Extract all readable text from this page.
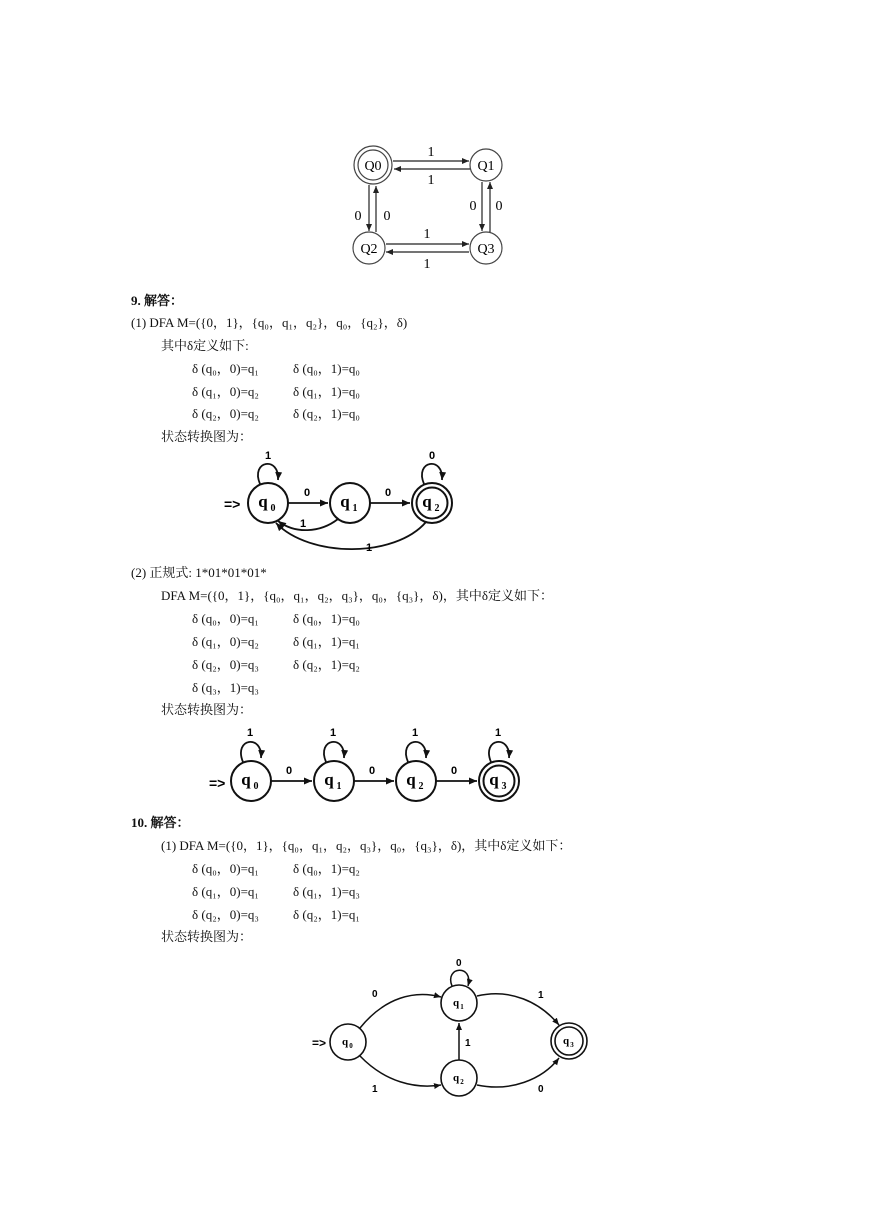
Q0	Q1
Q2	Q3
1
1
0 0
0 0
1
1
9. 解答：
(1) DFA M=({0，1}，{q₀，q₁，q₂}，q₀，{q₂}，δ)
其中δ定义如下:
δ (q₀，0)=q₁	δ (q₀，1)=q₀
δ (q₁，0)=q₂	δ (q₁，1)=q₀
δ (q₂，0)=q₂	δ (q₂，1)=q₀
状态转换图为：
=> q 0	q 1	q 2
1	0
0	0
1
1
(2) 正规式: 1*01*01*01*
DFA M=({0，1}，{q₀，q₁，q₂，q₃}，q₀，{q₃}，δ)，其中δ定义如下：
δ (q₀，0)=q₁	δ (q₀，1)=q₀
δ (q₁，0)=q₂	δ (q₁，1)=q₁
δ (q₂，0)=q₃	δ (q₂，1)=q₂
δ (q₃，1)=q₃
状态转换图为：
=> q 0	q 1	q 2	q 3
1	1	1	1
0	0	0
10. 解答：
(1) DFA M=({0，1}，{q₀，q₁，q₂，q₃}，q₀，{q₃}，δ)，其中δ定义如下：
δ (q₀，0)=q₁	δ (q₀，1)=q₂
δ (q₁，0)=q₁	δ (q₁，1)=q₃
δ (q₂，0)=q₃	δ (q₂，1)=q₁
状态转换图为：
=> q 0
q 1
q 2
q 3
0
0
1
1
0
1
